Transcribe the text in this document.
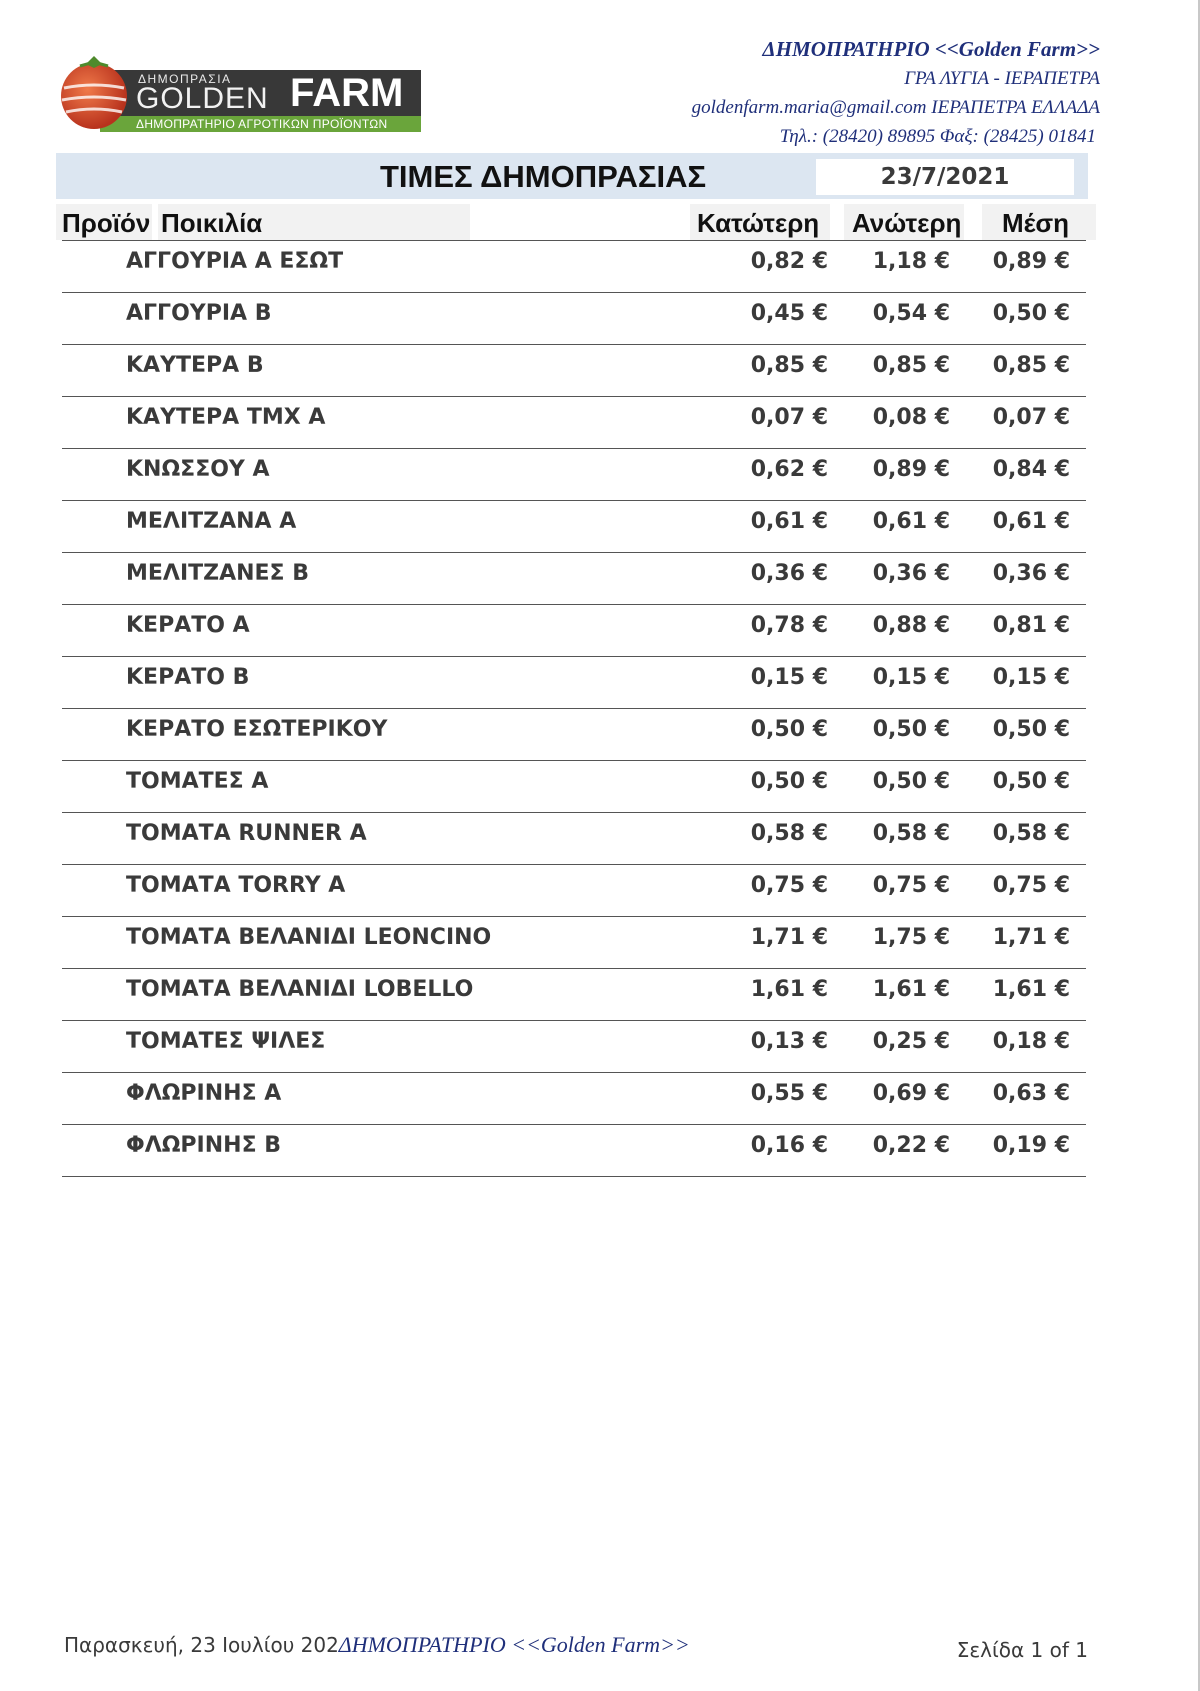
ΔΗΜΟΠΡΑΣΙΑ
GOLDEN FARM
ΔΗΜΟΠΡΑΤΗΡΙΟ ΑΓΡΟΤΙΚΩΝ ΠΡΟΪΟΝΤΩΝ
ΔΗΜΟΠΡΑΤΗΡΙΟ <<Golden Farm>>
ΓΡΑ ΛΥΓΙΑ - ΙΕΡΑΠΕΤΡΑ
goldenfarm.maria@gmail.com ΙΕΡΑΠΕΤΡΑ ΕΛΛΑΔΑ
Τηλ.: (28420) 89895 Φαξ: (28425) 01841
ΤΙΜΕΣ ΔΗΜΟΠΡΑΣΙΑΣ	23/7/2021
Προϊόν Ποικιλία	Κατώτερη Ανώτερη Μέση
ΑΓΓΟΥΡΙΑ Α ΕΣΩΤ	0,82 € 1,18 € 0,89 €
ΑΓΓΟΥΡΙΑ Β	0,45 € 0,54 € 0,50 €
ΚΑΥΤΕΡΑ Β	0,85 € 0,85 € 0,85 €
ΚΑΥΤΕΡΑ ΤΜΧ Α	0,07 € 0,08 € 0,07 €
ΚΝΩΣΣΟΥ Α	0,62 € 0,89 € 0,84 €
ΜΕΛΙΤΖΑΝΑ Α	0,61 € 0,61 € 0,61 €
ΜΕΛΙΤΖΑΝΕΣ Β	0,36 € 0,36 € 0,36 €
ΚΕΡΑΤΟ Α	0,78 € 0,88 € 0,81 €
ΚΕΡΑΤΟ Β	0,15 € 0,15 € 0,15 €
ΚΕΡΑΤΟ ΕΣΩΤΕΡΙΚΟΥ	0,50 € 0,50 € 0,50 €
ΤΟΜΑΤΕΣ Α	0,50 € 0,50 € 0,50 €
ΤΟΜΑΤΑ RUNNER Α	0,58 € 0,58 € 0,58 €
ΤΟΜΑΤΑ TORRY Α	0,75 € 0,75 € 0,75 €
ΤΟΜΑΤΑ ΒΕΛΑΝΙΔΙ LEONCINO	1,71 € 1,75 € 1,71 €
ΤΟΜΑΤΑ ΒΕΛΑΝΙΔΙ LOBELLO	1,61 € 1,61 € 1,61 €
ΤΟΜΑΤΕΣ ΨΙΛΕΣ	0,13 € 0,25 € 0,18 €
ΦΛΩΡΙΝΗΣ Α	0,55 € 0,69 € 0,63 €
ΦΛΩΡΙΝΗΣ Β	0,16 € 0,22 € 0,19 €
Παρασκευή, 23 Ιουλίου 202ΔΗΜΟΠΡΑΤΗΡΙΟ <<Golden Farm>>	Σελίδα 1 of 1
